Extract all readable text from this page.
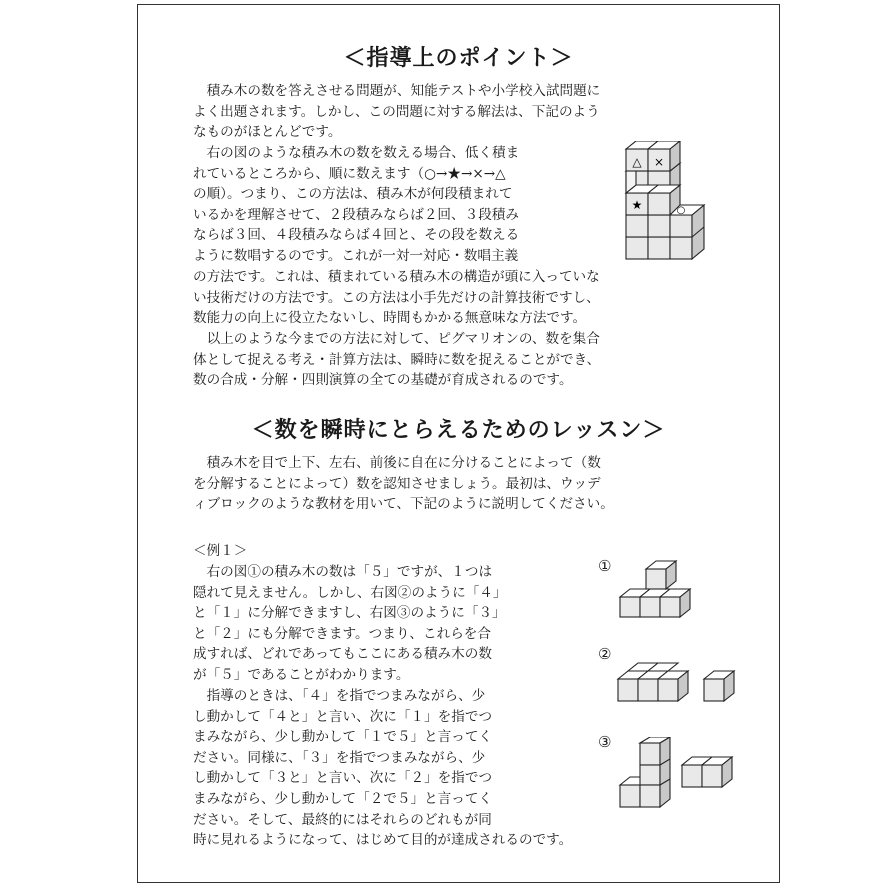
＜指導上のポイント＞
積み木の数を答えさせる問題が、知能テストや小学校入試問題に
よく出題されます。しかし、この問題に対する解法は、下記のよう
なものがほとんどです。
右の図のような積み木の数を数える場合、低く積ま
れているところから、順に数えます（○→★→×→△
の順）。つまり、この方法は、積み木が何段積まれて
いるかを理解させて、２段積みならば２回、３段積み
ならば３回、４段積みならば４回と、その段を数える
ように数唱するのです。これが一対一対応・数唱主義
△ ×
★	○
の方法です。これは、積まれている積み木の構造が頭に入っていな
い技術だけの方法です。この方法は小手先だけの計算技術ですし、
数能力の向上に役立たないし、時間もかかる無意味な方法です。
以上のような今までの方法に対して、ピグマリオンの、数を集合
体として捉える考え・計算方法は、瞬時に数を捉えることができ、
数の合成・分解・四則演算の全ての基礎が育成されるのです。
＜数を瞬時にとらえるためのレッスン＞
積み木を目で上下、左右、前後に自在に分けることによって（数
を分解することによって）数を認知させましょう。最初は、ウッデ
ィブロックのような教材を用いて、下記のように説明してください。
＜例１＞
右の図①の積み木の数は「５」ですが、１つは
隠れて見えません。しかし、右図②のように「４」
と「１」に分解できますし、右図③のように「３」
と「２」にも分解できます。つまり、これらを合
成すれば、どれであってもここにある積み木の数
が「５」であることがわかります。
指導のときは、「４」を指でつまみながら、少
し動かして「４と」と言い、次に「１」を指でつ
まみながら、少し動かして「１で５」と言ってく
ださい。同様に、「３」を指でつまみながら、少
し動かして「３と」と言い、次に「２」を指でつ
まみながら、少し動かして「２で５」と言ってく
ださい。そして、最終的にはそれらのどれもが同
時に見れるようになって、はじめて目的が達成されるのです。
①
②
③
